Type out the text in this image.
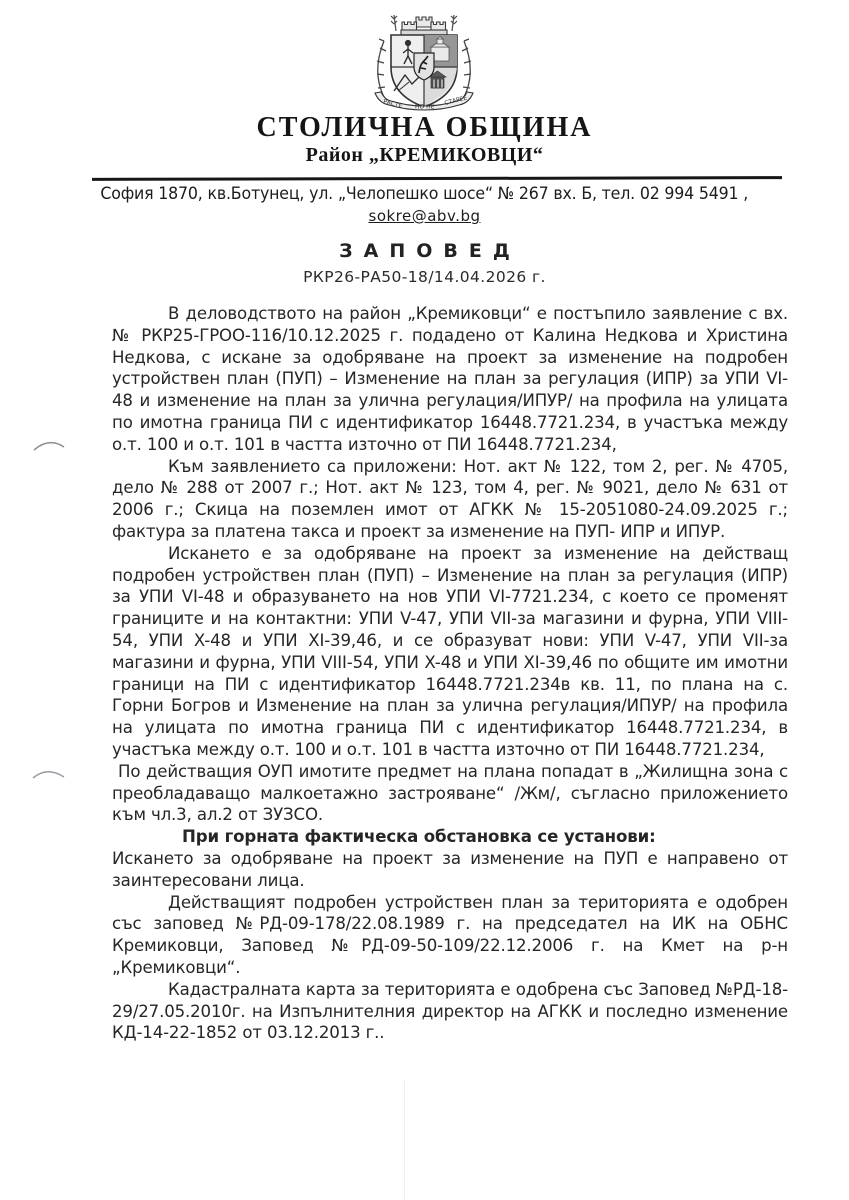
РАСТЕ НО НЕ
СТАРЕЕ
СТОЛИЧНА ОБЩИНА
Район „КРЕМИКОВЦИ“
София 1870, кв.Ботунец, ул. „Челопешко шосе“ № 267 вх. Б, тел. 02 994 5491 ,
sokre@abv.bg
ЗАПОВЕД
РКР26-РА50-18/14.04.2026 г.

В деловодството на район „Кремиковци“ е постъпило заявление с вх.№ РКР25-ГРОО-116/10.12.2025 г. подадено от Калина Недкова и Христина Недкова, с искане за одобряване на проект за изменение на подробен устройствен план (ПУП) – Изменение на план за регулация (ИПР) за УПИ VI-48 и изменение на план за улична регулация/ИПУР/ на профила на улицата по имотна граница ПИ с идентификатор 16448.7721.234, в участъка между о.т. 100 и о.т. 101 в частта източно от ПИ 16448.7721.234,

Към заявлението са приложени: Нот. акт № 122, том 2, рег. № 4705, дело № 288 от 2007 г.; Нот. акт № 123, том 4, рег. № 9021, дело № 631 от 2006 г.; Скица на поземлен имот от АГКК № 15-2051080-24.09.2025 г.; фактура за платена такса и проект за изменение на ПУП- ИПР и ИПУР.

Искането е за одобряване на проект за изменение на действащ подробен устройствен план (ПУП) – Изменение на план за регулация (ИПР) за УПИ VI-48 и образуването на нов УПИ VI-7721.234, с което се променят границите и на контактни: УПИ V-47, УПИ VII-за магазини и фурна, УПИ VIII-54, УПИ X-48 и УПИ XI-39,46, и се образуват нови: УПИ V-47, УПИ VII-за магазини и фурна, УПИ VIII-54, УПИ X-48 и УПИ XI-39,46 по общите им имотни граници на ПИ с идентификатор 16448.7721.234в кв. 11, по плана на с. Горни Богров и Изменение на план за улична регулация/ИПУР/ на профила на улицата по имотна граница ПИ с идентификатор 16448.7721.234, в участъка между о.т. 100 и о.т. 101 в частта източно от ПИ 16448.7721.234,

По действащия ОУП имотите предмет на плана попадат в „Жилищна зона с преобладаващо малкоетажно застрояване“ /Жм/, съгласно приложението към чл.3, ал.2 от ЗУЗСО.

При горната фактическа обстановка се установи:

Искането за одобряване на проект за изменение на ПУП е направено от заинтересовани лица.

Действащият подробен устройствен план за територията е одобрен със заповед №РД-09-178/22.08.1989 г. на председател на ИК на ОБНС Кремиковци, Заповед №РД-09-50-109/22.12.2006 г. на Кмет на р-н „Кремиковци“.

Кадастралната карта за територията е одобрена със Заповед №РД-18-29/27.05.2010г. на Изпълнителния директор на АГКК и последно изменение КД-14-22-1852 от 03.12.2013 г..
